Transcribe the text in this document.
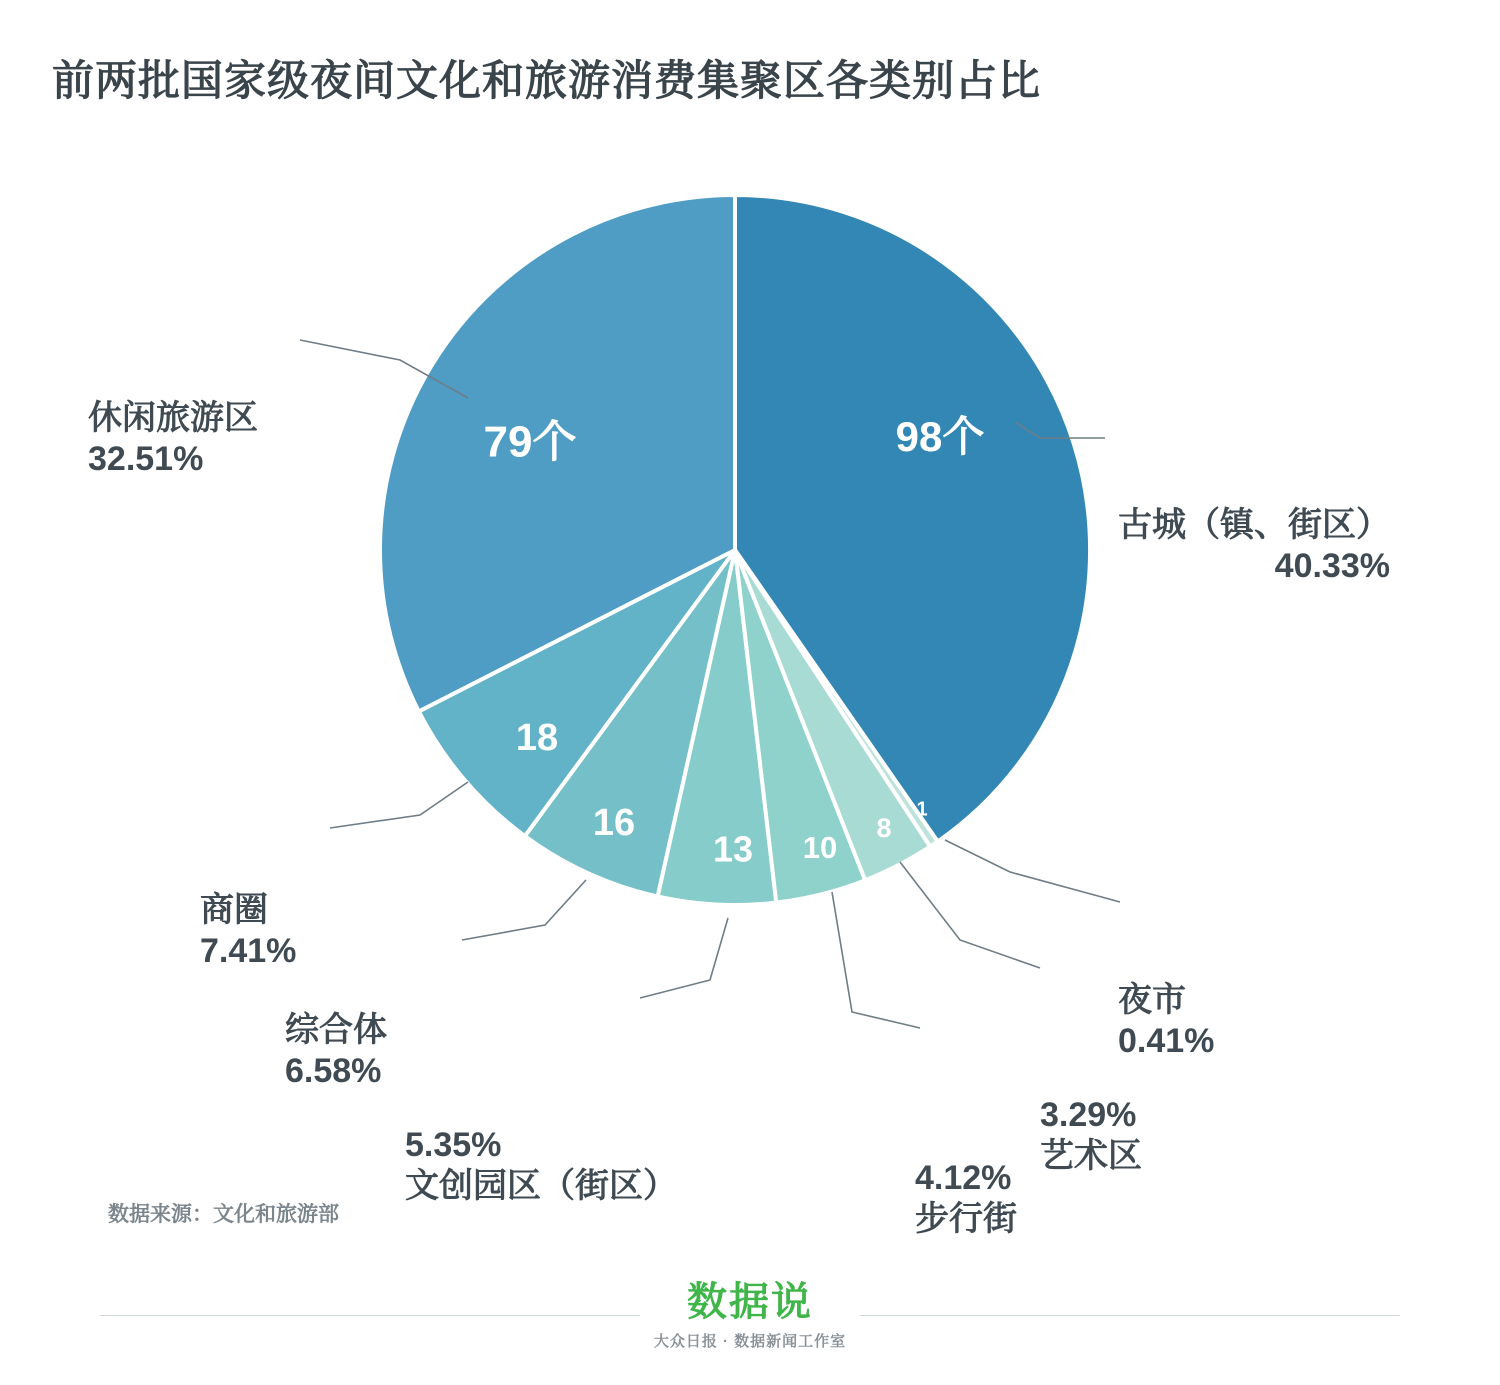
前两批国家级夜间文化和旅游消费集聚区各类别占比
98个
1
8
10
13
16
18
79个
休闲旅游区
32.51%
商圈
7.41%
综合体
6.58%
5.35%
文创园区（街区）	4.12%
步行街
3.29%
艺术区
夜市
0.41%
古城（镇、街区）
40.33%
数据来源：文化和旅游部
数据说
大众日报 · 数据新闻工作室
